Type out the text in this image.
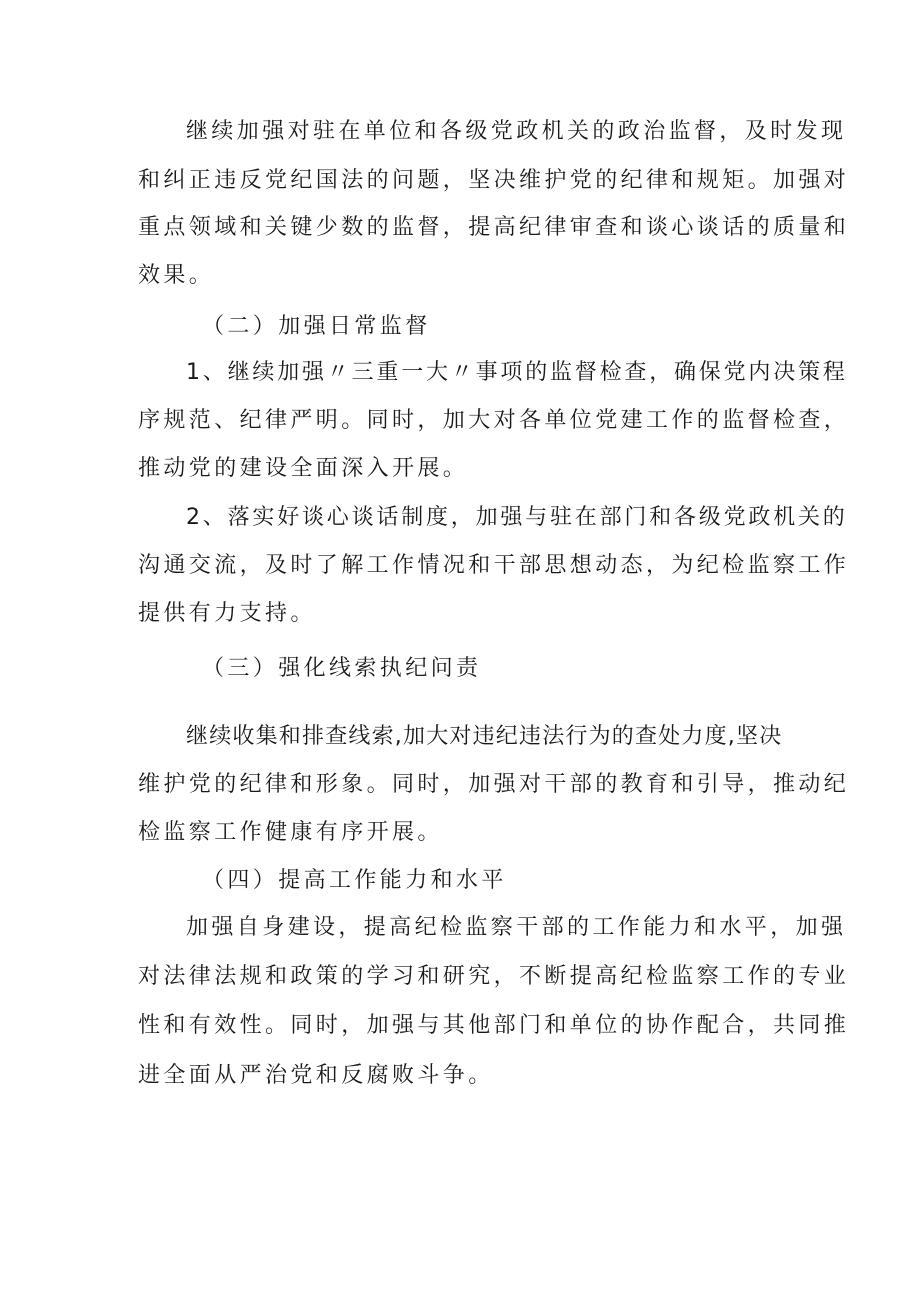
继续加强对驻在单位和各级党政机关的政治监督，及时发现
和纠正违反党纪国法的问题，坚决维护党的纪律和规矩。加强对
重点领域和关键少数的监督，提高纪律审查和谈心谈话的质量和
效果。
（二）加强日常监督
1、继续加强〃三重一大〃事项的监督检查，确保党内决策程
序规范、纪律严明。同时，加大对各单位党建工作的监督检查，
推动党的建设全面深入开展。
2、落实好谈心谈话制度，加强与驻在部门和各级党政机关的
沟通交流，及时了解工作情况和干部思想动态，为纪检监察工作
提供有力支持。
（三）强化线索执纪问责
继续收集和排查线索,加大对违纪违法行为的查处力度,坚决
维护党的纪律和形象。同时，加强对干部的教育和引导，推动纪
检监察工作健康有序开展。
（四）提高工作能力和水平
加强自身建设，提高纪检监察干部的工作能力和水平，加强
对法律法规和政策的学习和研究，不断提高纪检监察工作的专业
性和有效性。同时，加强与其他部门和单位的协作配合，共同推
进全面从严治党和反腐败斗争。
